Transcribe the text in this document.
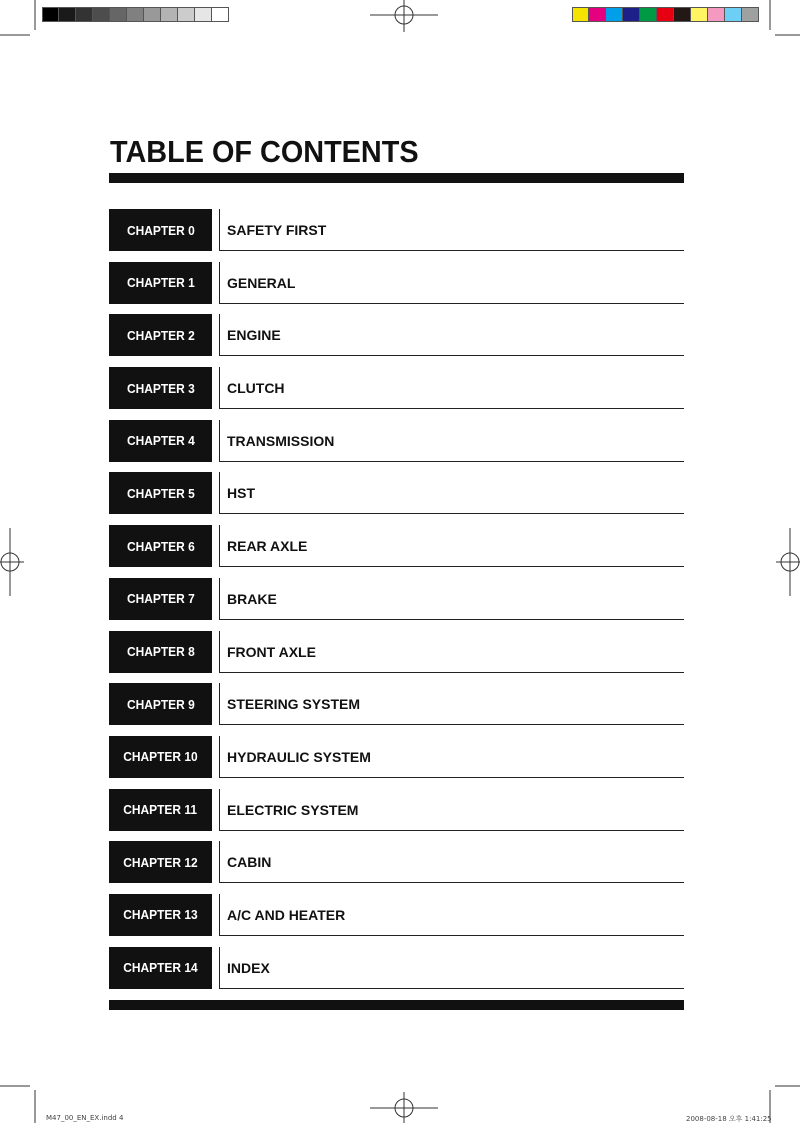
M47_00_EN_EX.indd 4	2008-08-18 오후 1:41:25
TABLE OF CONTENTS
CHAPTER 0 SAFETY FIRST
CHAPTER 1 GENERAL
CHAPTER 2 ENGINE
CHAPTER 3 CLUTCH
CHAPTER 4 TRANSMISSION
CHAPTER 5 HST
CHAPTER 6 REAR AXLE
CHAPTER 7 BRAKE
CHAPTER 8 FRONT AXLE
CHAPTER 9 STEERING SYSTEM
CHAPTER 10 HYDRAULIC SYSTEM
CHAPTER 11 ELECTRIC SYSTEM
CHAPTER 12 CABIN
CHAPTER 13 A/C AND HEATER
CHAPTER 14 INDEX
